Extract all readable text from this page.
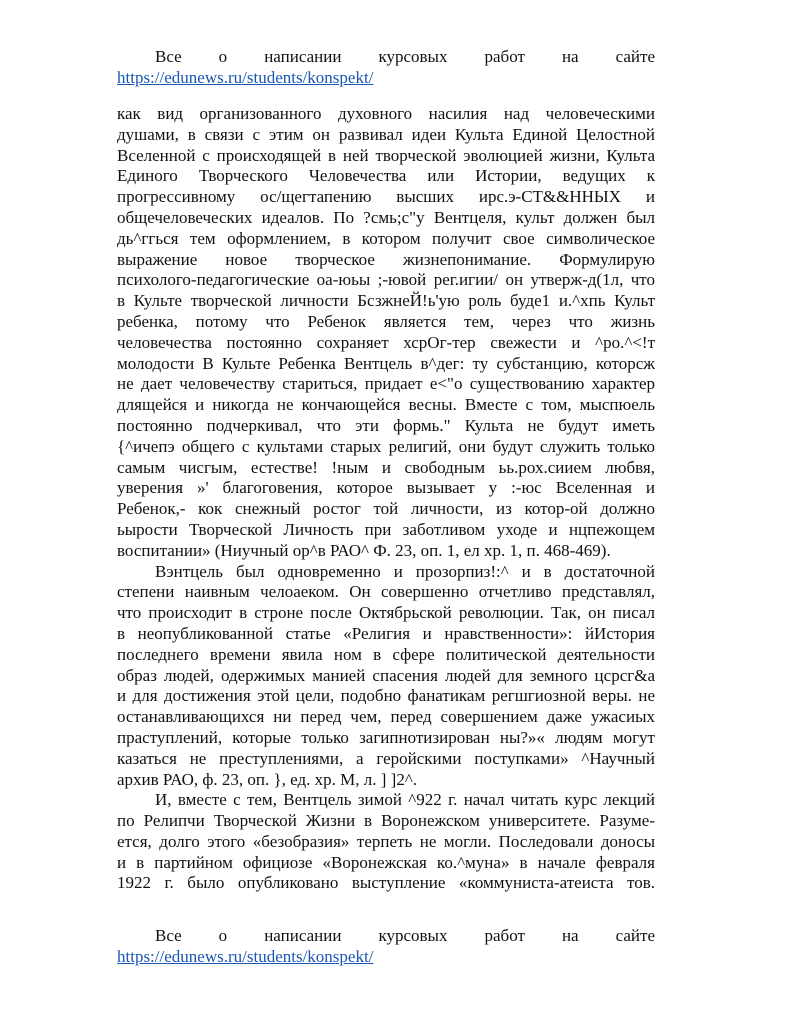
Все о написании курсовых работ на сайте
https://edunews.ru/students/konspekt/
как вид организованного духовного насилия над человеческими
душами, в связи с этим он развивал идеи Культа Единой Целостной
Вселенной с происходящей в ней творческой эволюцией жизни, Культа
Единого Творческого Человечества или Истории, ведущих к
прогрессивному ос/щегтапению высших ирс.э-СТ&&ННЫХ и
общечеловеческих идеалов. По ?смь;с"у Вентцеля, культ должен был
дь^ггься тем оформлением, в котором получит свое символическое
выражение новое творческое жизнепонимание. Формулирую
психолого-педагогические оа-юьы ;-ювой рег.игии/ он утверж-д(1л, что
в Культе творческой личности БсзжнеЙ!ь'ую роль буде1 и.^хпь Культ
ребенка, потому что Ребенок является тем, через что жизнь
человечества постоянно сохраняет хсрОг-тер свежести и ^ро.^<!т
молодости В Культе Ребенка Вентцель в^дег: ту субстанцию, которсж
не дает человечеству стариться, придает е<"о существованию характер
длящейся и никогда не кончающейся весны. Вместе с том, мыспюель
постоянно подчеркивал, что эти формь." Культа не будут иметь
{^ичепэ общего с культами старых религий, они будут служить только
самым чисгым, естестве! !ным и свободным ьь.рох.сиием любвя,
уверения »' благоговения, которое вызывает у :-юс Вселенная и
Ребенок,- кок снежный ростог той личности, из котор-ой должно
ьырости Творческой Личность при заботливом уходе и нцпежощем
воспитании» (Ниучный ор^в РАО^ Ф. 23, оп. 1, ел хр. 1, п. 468-469).
Вэнтцель был одновременно и прозорпиз!:^ и в достаточной
степени наивным челоаеком. Он совершенно отчетливо представлял,
что происходит в строне после Октябрьской революции. Так, он писал
в неопубликованной статье «Религия и нравственности»: йИстория
последнего времени явила ном в сфере политической деятельности
образ людей, одержимых манией спасения людей для земного цсрсг&а
и для достижения этой цели, подобно фанатикам регшгиозной веры. не
останавливающихся ни перед чем, перед совершением даже ужасиых
праступлений, которые только загипнотизирован ны?»« людям могут
казаться не преступлениями, а геройскими поступками» ^Научный
архив РАО, ф. 23, оп. }, ед. хр. М, л. ] ]2^.
И, вместе с тем, Вентцель зимой ^922 г. начал читать курс лекций
по Релипчи Творческой Жизни в Воронежском университете. Разуме-
ется, долго этого «безобразия» терпеть не могли. Последовали доносы
и в партийном официозе «Воронежская ко.^муна» в начале февраля
1922 г. было опубликовано выступление «коммуниста-атеиста тов.
Все о написании курсовых работ на сайте
https://edunews.ru/students/konspekt/
